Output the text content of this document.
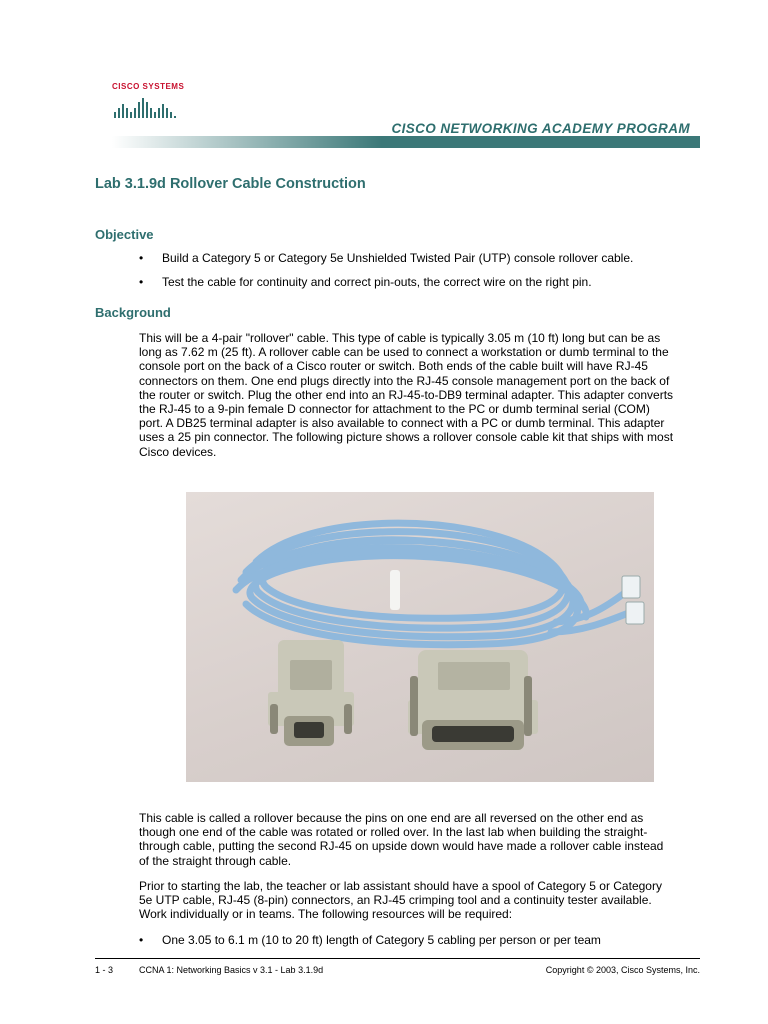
CISCO SYSTEMS
CISCO NETWORKING ACADEMY PROGRAM
Lab 3.1.9d Rollover Cable Construction
Objective
• Build a Category 5 or Category 5e Unshielded Twisted Pair (UTP) console rollover cable.
• Test the cable for continuity and correct pin-outs, the correct wire on the right pin.
Background
This will be a 4-pair "rollover" cable. This type of cable is typically 3.05 m (10 ft) long but can be as
long as 7.62 m (25 ft). A rollover cable can be used to connect a workstation or dumb terminal to the
console port on the back of a Cisco router or switch. Both ends of the cable built will have RJ-45
connectors on them. One end plugs directly into the RJ-45 console management port on the back of
the router or switch. Plug the other end into an RJ-45-to-DB9 terminal adapter. This adapter converts
the RJ-45 to a 9-pin female D connector for attachment to the PC or dumb terminal serial (COM)
port. A DB25 terminal adapter is also available to connect with a PC or dumb terminal. This adapter
uses a 25 pin connector. The following picture shows a rollover console cable kit that ships with most
Cisco devices.
This cable is called a rollover because the pins on one end are all reversed on the other end as
though one end of the cable was rotated or rolled over. In the last lab when building the straight-
through cable, putting the second RJ-45 on upside down would have made a rollover cable instead
of the straight through cable.
Prior to starting the lab, the teacher or lab assistant should have a spool of Category 5 or Category
5e UTP cable, RJ-45 (8-pin) connectors, an RJ-45 crimping tool and a continuity tester available.
Work individually or in teams. The following resources will be required:
• One 3.05 to 6.1 m (10 to 20 ft) length of Category 5 cabling per person or per team
1 - 3	CCNA 1: Networking Basics v 3.1 - Lab 3.1.9d	Copyright © 2003, Cisco Systems, Inc.
